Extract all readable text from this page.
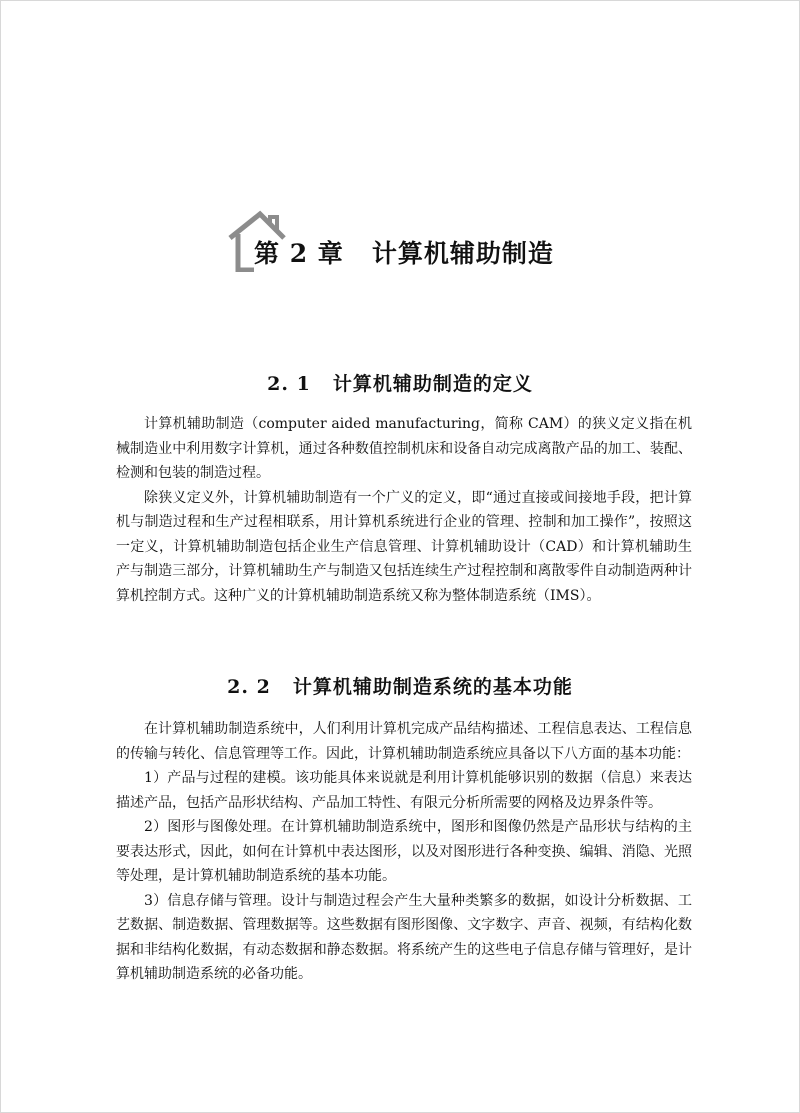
第 2 章 计算机辅助制造
2. 1 计算机辅助制造的定义

计算机辅助制造（computer aided manufacturing，简称 CAM）的狭义定义指在机械制造业中利用数字计算机，通过各种数值控制机床和设备自动完成离散产品的加工、装配、检测和包装的制造过程。

除狭义定义外，计算机辅助制造有一个广义的定义，即“通过直接或间接地手段，把计算机与制造过程和生产过程相联系，用计算机系统进行企业的管理、控制和加工操作”，按照这一定义，计算机辅助制造包括企业生产信息管理、计算机辅助设计（CAD）和计算机辅助生产与制造三部分，计算机辅助生产与制造又包括连续生产过程控制和离散零件自动制造两种计算机控制方式。这种广义的计算机辅助制造系统又称为整体制造系统（IMS）。

2. 2 计算机辅助制造系统的基本功能

在计算机辅助制造系统中，人们利用计算机完成产品结构描述、工程信息表达、工程信息的传输与转化、信息管理等工作。因此，计算机辅助制造系统应具备以下八方面的基本功能：

1）产品与过程的建模。该功能具体来说就是利用计算机能够识别的数据（信息）来表达描述产品，包括产品形状结构、产品加工特性、有限元分析所需要的网格及边界条件等。

2）图形与图像处理。在计算机辅助制造系统中，图形和图像仍然是产品形状与结构的主要表达形式，因此，如何在计算机中表达图形，以及对图形进行各种变换、编辑、消隐、光照等处理，是计算机辅助制造系统的基本功能。

3）信息存储与管理。设计与制造过程会产生大量种类繁多的数据，如设计分析数据、工艺数据、制造数据、管理数据等。这些数据有图形图像、文字数字、声音、视频，有结构化数据和非结构化数据，有动态数据和静态数据。将系统产生的这些电子信息存储与管理好，是计算机辅助制造系统的必备功能。
